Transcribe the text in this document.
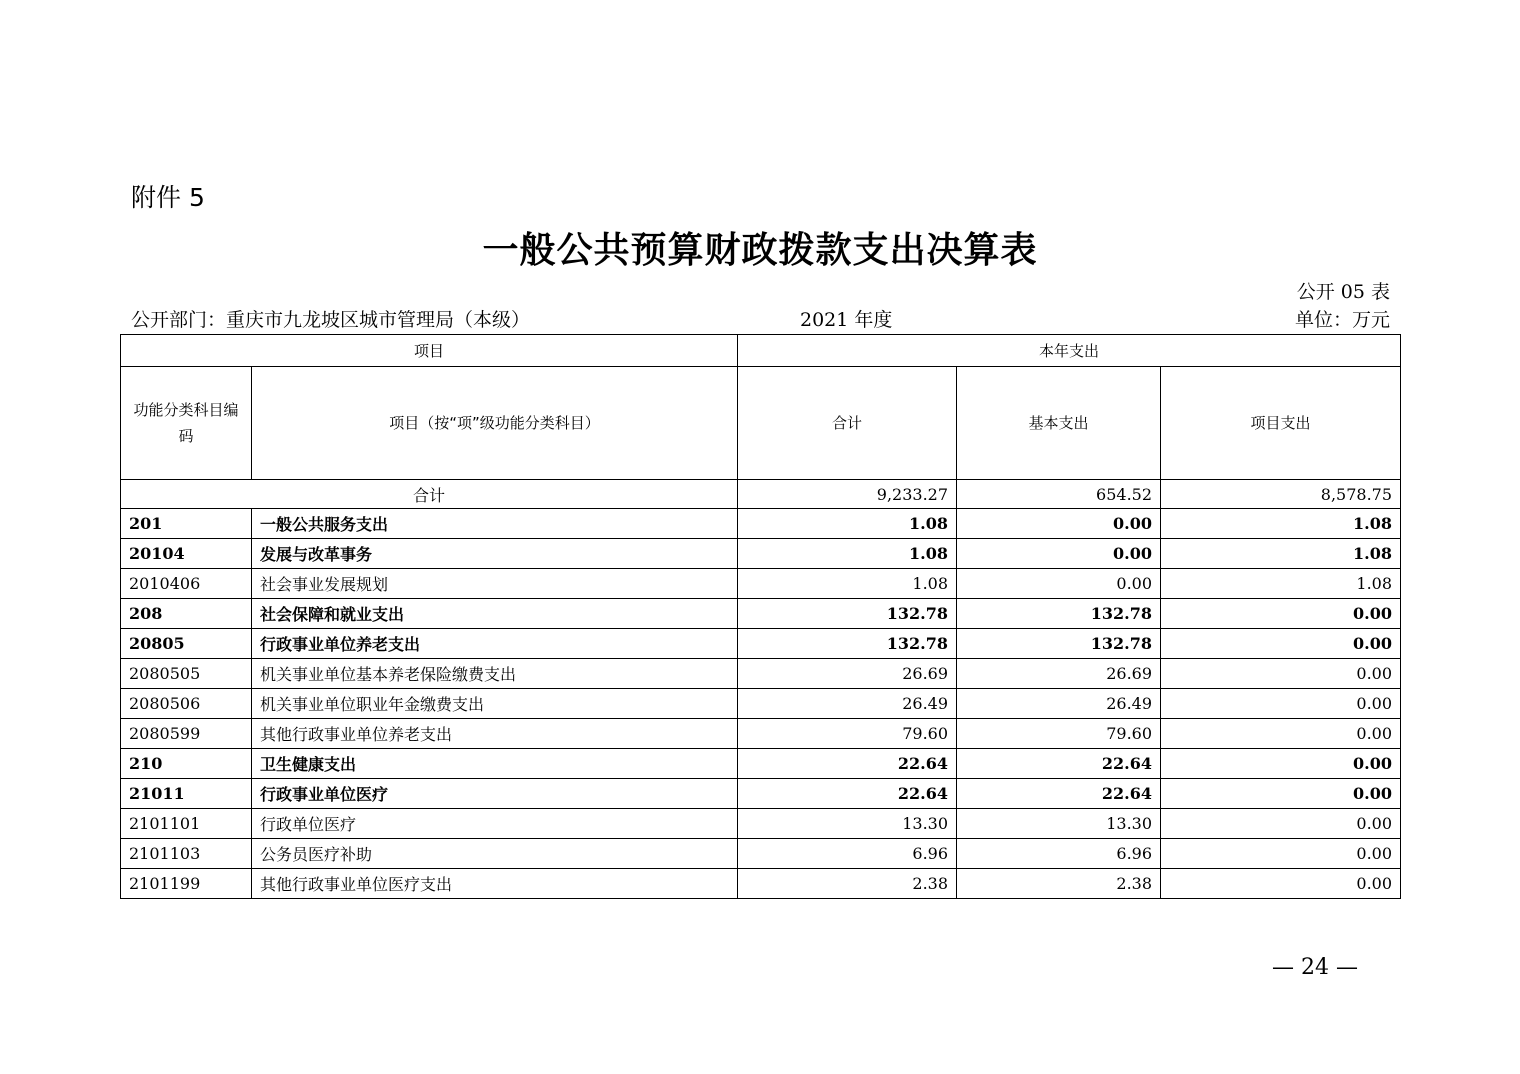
附件 5
一般公共预算财政拨款支出决算表
公开 05 表
公开部门：重庆市九龙坡区城市管理局（本级）	2021 年度	单位：万元
项目		本年支出		
功能分类科目编码	项目（按“项”级功能分类科目）	合计	基本支出	项目支出
合计		9,233.27	654.52	8,578.75
201	一般公共服务支出	1.08	0.00	1.08
20104	发展与改革事务	1.08	0.00	1.08
2010406	社会事业发展规划	1.08	0.00	1.08
208	社会保障和就业支出	132.78	132.78	0.00
20805	行政事业单位养老支出	132.78	132.78	0.00
2080505	机关事业单位基本养老保险缴费支出	26.69	26.69	0.00
2080506	机关事业单位职业年金缴费支出	26.49	26.49	0.00
2080599	其他行政事业单位养老支出	79.60	79.60	0.00
210	卫生健康支出	22.64	22.64	0.00
21011	行政事业单位医疗	22.64	22.64	0.00
2101101	行政单位医疗	13.30	13.30	0.00
2101103	公务员医疗补助	6.96	6.96	0.00
2101199	其他行政事业单位医疗支出	2.38	2.38	0.00
— 24 —
